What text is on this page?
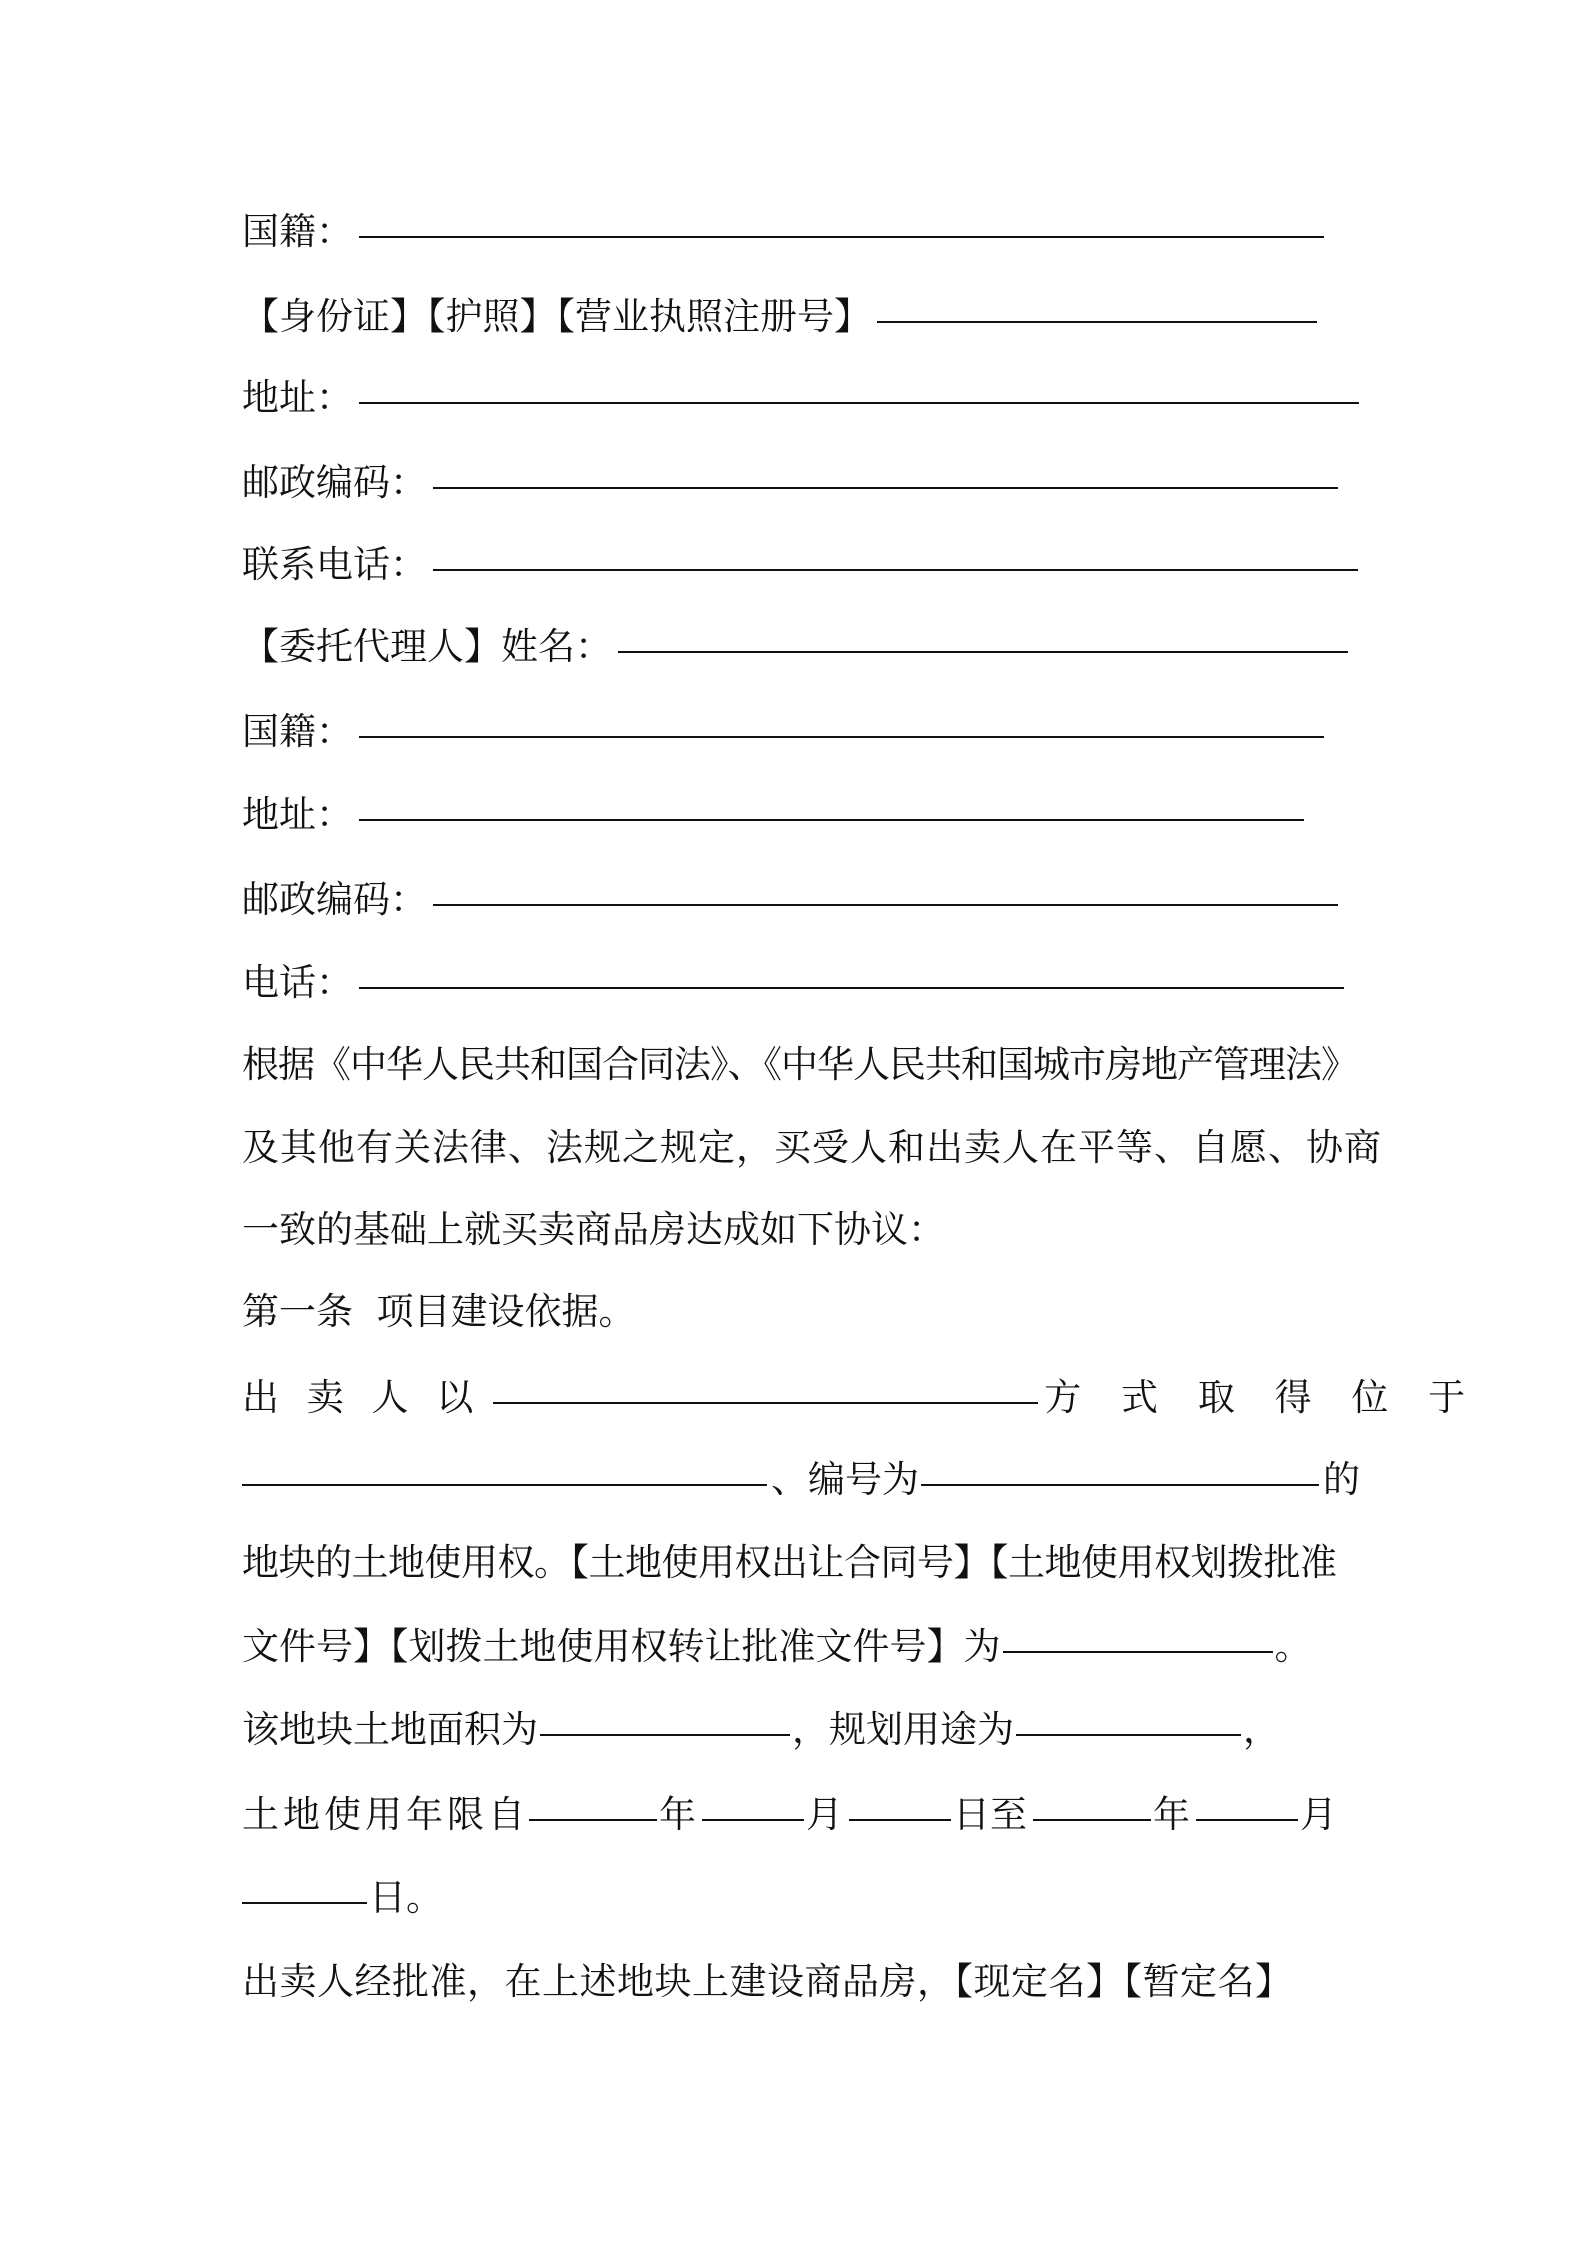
国籍：
【身份证】【护照】【营业执照注册号】
地址：
邮政编码：
联系电话：
【委托代理人】姓名：
国籍：
地址：
邮政编码：
电话：
根据《中华人民共和国合同法》、《中华人民共和国城市房地产管理法》
及其他有关法律、法规之规定，买受人和出卖人在平等、自愿、协商
一致的基础上就买卖商品房达成如下协议：
第一条  项目建设依据。
出 卖 人 以	方 式 取 得 位 于
、编号为	的
地块的土地使用权。【土地使用权出让合同号】【土地使用权划拨批准
文件号】【划拨土地使用权转让批准文件号】为	。
该地块土地面积为	，规划用途为	，
土地使用年限自	年	月	日至	年	月
日。
出卖人经批准，在上述地块上建设商品房，【现定名】【暂定名】
